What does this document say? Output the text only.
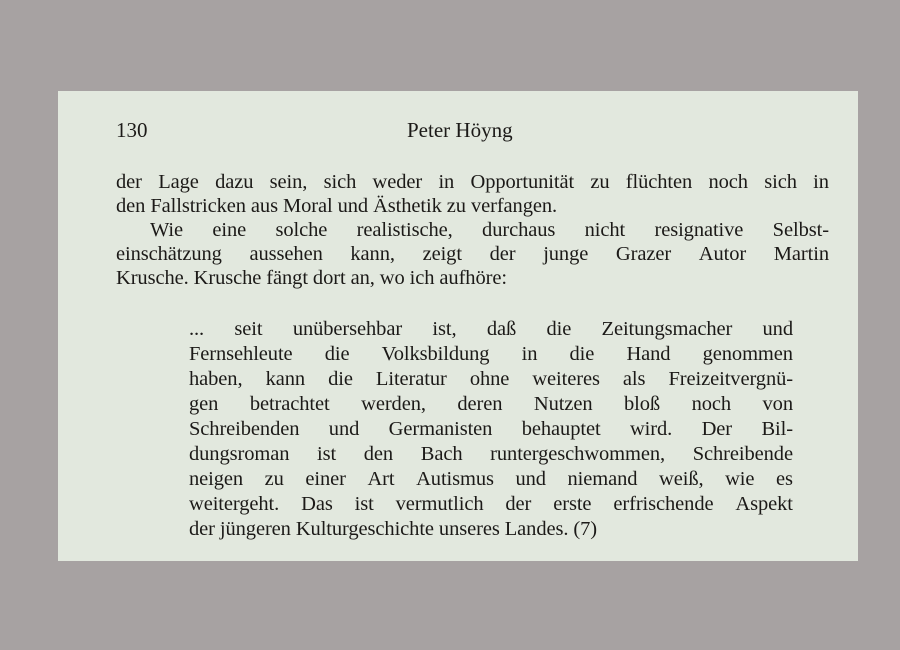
130	Peter Höyng
der Lage dazu sein, sich weder in Opportunität zu flüchten noch sich in
den Fallstricken aus Moral und Ästhetik zu verfangen.
Wie eine solche realistische, durchaus nicht resignative Selbst-
einschätzung aussehen kann, zeigt der junge Grazer Autor Martin
Krusche. Krusche fängt dort an, wo ich aufhöre:
... seit unübersehbar ist, daß die Zeitungsmacher und
Fernsehleute die Volksbildung in die Hand genommen
haben, kann die Literatur ohne weiteres als Freizeitvergnü-
gen betrachtet werden, deren Nutzen bloß noch von
Schreibenden und Germanisten behauptet wird. Der Bil-
dungsroman ist den Bach runtergeschwommen, Schreibende
neigen zu einer Art Autismus und niemand weiß, wie es
weitergeht. Das ist vermutlich der erste erfrischende Aspekt
der jüngeren Kulturgeschichte unseres Landes. (7)
